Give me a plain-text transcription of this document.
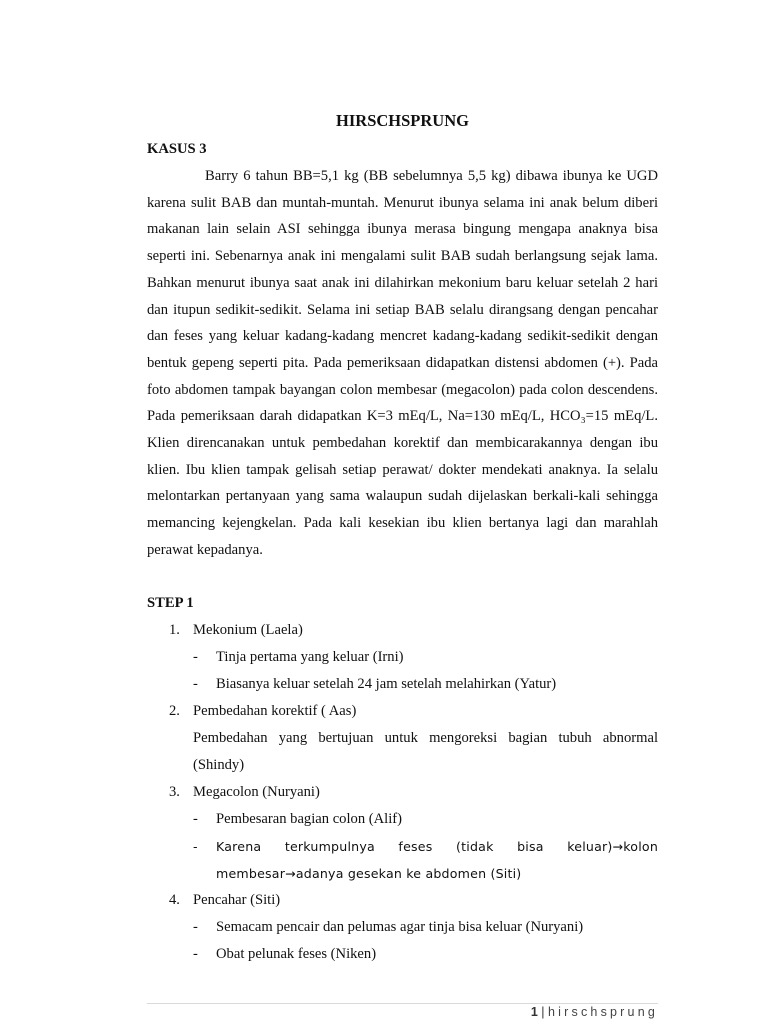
HIRSCHSPRUNG
KASUS 3

Barry 6 tahun BB=5,1 kg (BB sebelumnya 5,5 kg) dibawa ibunya ke UGD karena sulit BAB dan muntah-muntah. Menurut ibunya selama ini anak belum diberi makanan lain selain ASI sehingga ibunya merasa bingung mengapa anaknya bisa seperti ini. Sebenarnya anak ini mengalami sulit BAB sudah berlangsung sejak lama. Bahkan menurut ibunya saat anak ini dilahirkan mekonium baru keluar setelah 2 hari dan itupun sedikit-sedikit. Selama ini setiap BAB selalu dirangsang dengan pencahar dan feses yang keluar kadang-kadang mencret kadang-kadang sedikit-sedikit dengan bentuk gepeng seperti pita. Pada pemeriksaan didapatkan distensi abdomen (+). Pada foto abdomen tampak bayangan colon membesar (megacolon) pada colon descendens. Pada pemeriksaan darah didapatkan K=3 mEq/L, Na=130 mEq/L, HCO₃=15 mEq/L. Klien direncanakan untuk pembedahan korektif dan membicarakannya dengan ibu klien. Ibu klien tampak gelisah setiap perawat/ dokter mendekati anaknya. Ia selalu melontarkan pertanyaan yang sama walaupun sudah dijelaskan berkali-kali sehingga memancing kejengkelan. Pada kali kesekian ibu klien bertanya lagi dan marahlah perawat kepadanya.

STEP 1
1. Mekonium (Laela)
- Tinja pertama yang keluar (Irni)
- Biasanya keluar setelah 24 jam setelah melahirkan (Yatur)
2. Pembedahan korektif ( Aas)
Pembedahan yang bertujuan untuk mengoreksi bagian tubuh abnormal (Shindy)
3. Megacolon (Nuryani)
- Pembesaran bagian colon (Alif)
- Karena terkumpulnya feses (tidak bisa keluar)→kolon membesar→adanya gesekan ke abdomen (Siti)
4. Pencahar (Siti)
- Semacam pencair dan pelumas agar tinja bisa keluar (Nuryani)
- Obat pelunak feses (Niken)
1 | hirschsprung
